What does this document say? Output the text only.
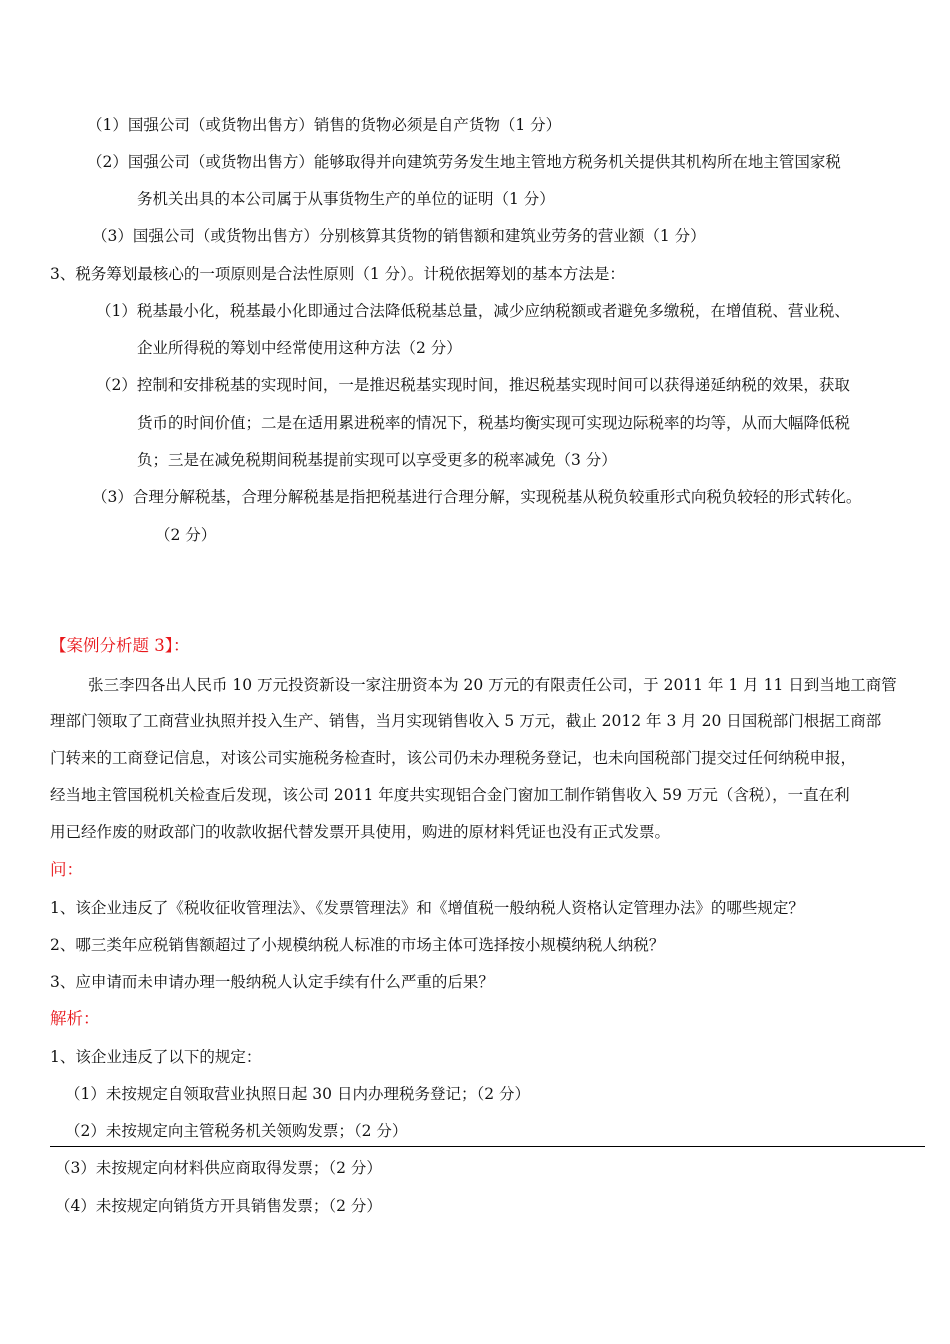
（1）国强公司（或货物出售方）销售的货物必须是自产货物（1 分）
（2）国强公司（或货物出售方）能够取得并向建筑劳务发生地主管地方税务机关提供其机构所在地主管国家税
务机关出具的本公司属于从事货物生产的单位的证明（1 分）
（3）国强公司（或货物出售方）分别核算其货物的销售额和建筑业劳务的营业额（1 分）
3、税务筹划最核心的一项原则是合法性原则（1 分）。计税依据筹划的基本方法是：
（1）税基最小化，税基最小化即通过合法降低税基总量，减少应纳税额或者避免多缴税，在增值税、营业税、
企业所得税的筹划中经常使用这种方法（2 分）
（2）控制和安排税基的实现时间，一是推迟税基实现时间，推迟税基实现时间可以获得递延纳税的效果，获取
货币的时间价值；二是在适用累进税率的情况下，税基均衡实现可实现边际税率的均等，从而大幅降低税
负；三是在减免税期间税基提前实现可以享受更多的税率减免（3 分）
（3）合理分解税基，合理分解税基是指把税基进行合理分解，实现税基从税负较重形式向税负较轻的形式转化。
（2 分）
【案例分析题 3】：
张三李四各出人民币 10 万元投资新设一家注册资本为 20 万元的有限责任公司，于 2011 年 1 月 11 日到当地工商管
理部门领取了工商营业执照并投入生产、销售，当月实现销售收入 5 万元，截止 2012 年 3 月 20 日国税部门根据工商部
门转来的工商登记信息，对该公司实施税务检查时，该公司仍未办理税务登记，也未向国税部门提交过任何纳税申报，
经当地主管国税机关检查后发现，该公司 2011 年度共实现铝合金门窗加工制作销售收入 59 万元（含税），一直在利
用已经作废的财政部门的收款收据代替发票开具使用，购进的原材料凭证也没有正式发票。
问：
1、该企业违反了《税收征收管理法》、《发票管理法》和《增值税一般纳税人资格认定管理办法》的哪些规定？
2、哪三类年应税销售额超过了小规模纳税人标准的市场主体可选择按小规模纳税人纳税？
3、应申请而未申请办理一般纳税人认定手续有什么严重的后果？
解析：
1、该企业违反了以下的规定：
（1）未按规定自领取营业执照日起 30 日内办理税务登记；（2 分）
（2）未按规定向主管税务机关领购发票；（2 分）
（3）未按规定向材料供应商取得发票；（2 分）
（4）未按规定向销货方开具销售发票；（2 分）
